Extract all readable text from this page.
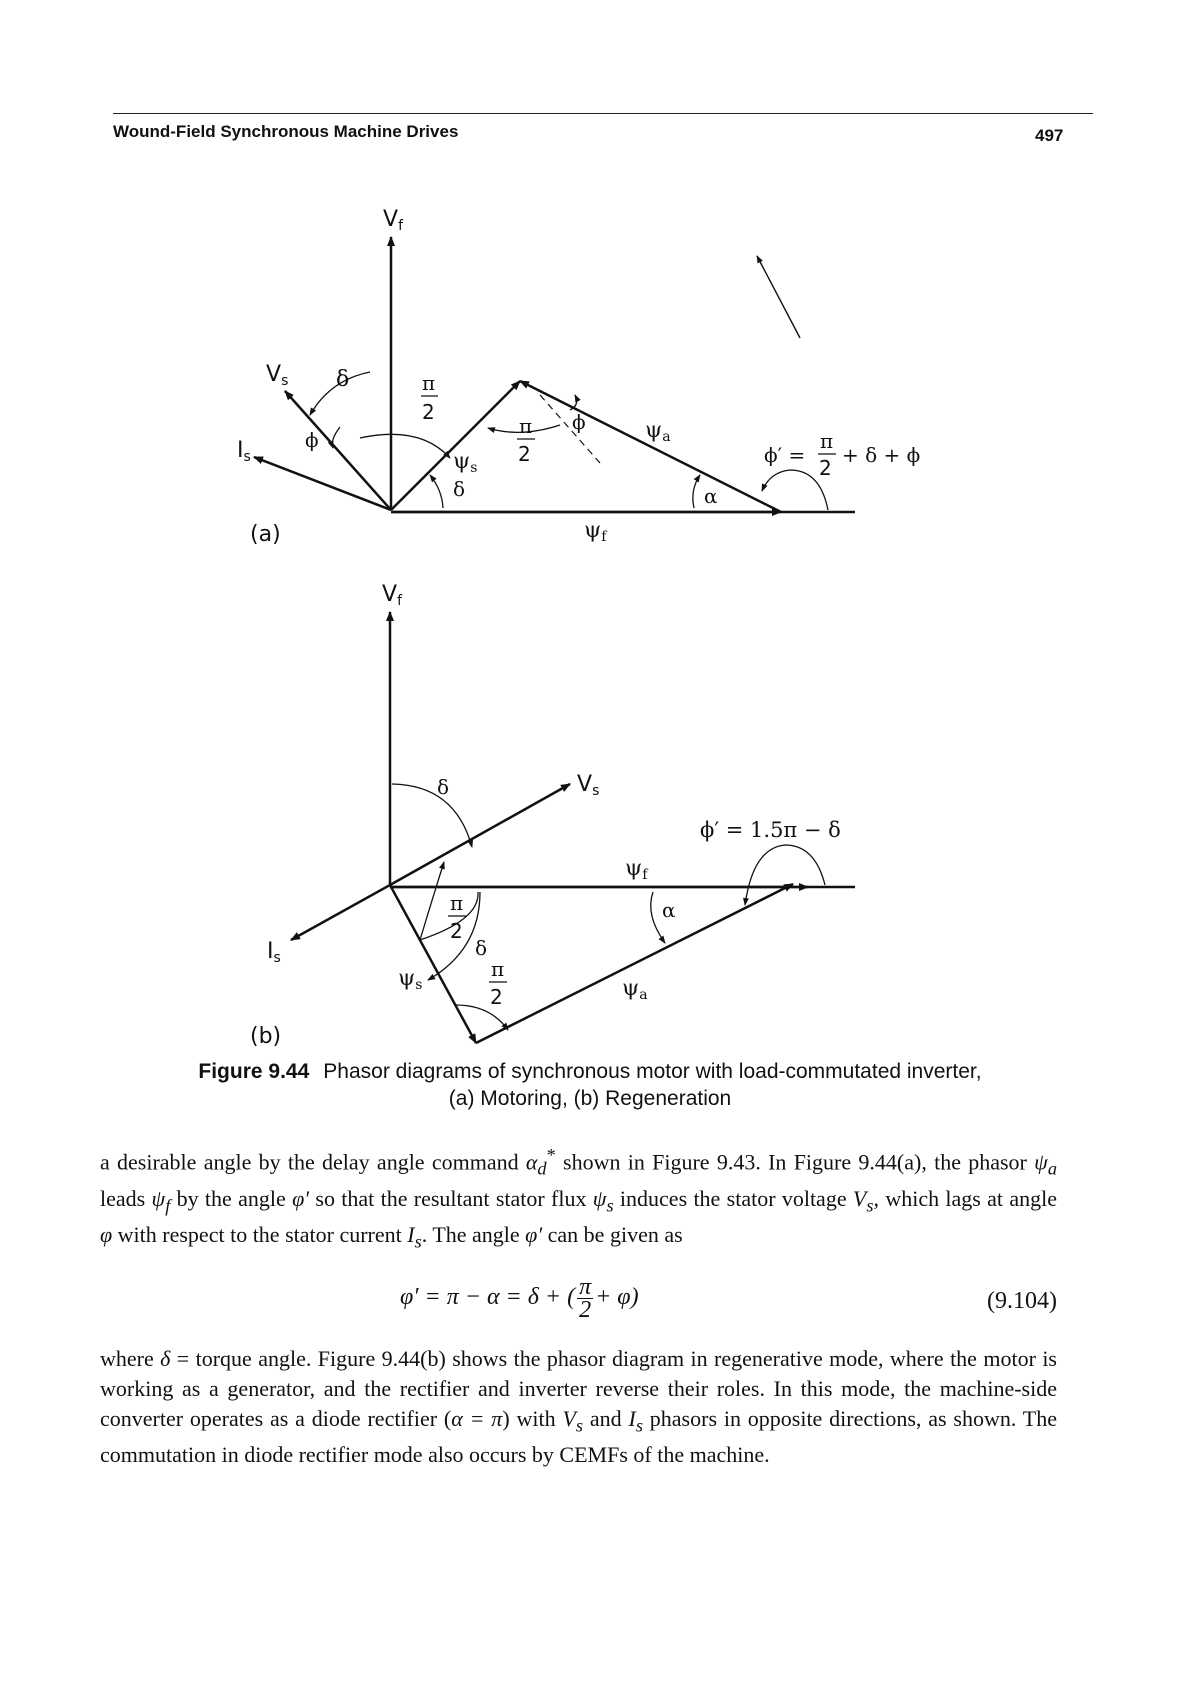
Wound-Field Synchronous Machine Drives	497
Vf
Vs
Is
δ
ϕ
π
2
ψs
δ
π
2
ϕ	ψa
α
ψf
ϕ′ =
π
2
+ δ + ϕ
(a)
Vf
δ	Vs
ϕ′ = 1.5π − δ
ψf
π
2
α
δ
Is
ψs
π
2	ψa
(b)
Figure 9.44 Phasor diagrams of synchronous motor with load-commutated inverter,
(a) Motoring, (b) Regeneration
a desirable angle by the delay angle command $\alpha_d^*$ shown in Figure 9.43. In Figure 9.44(a), the phasor $\psi_a$ leads $\psi_f$ by the angle φ′ so that the resultant stator flux $\psi_s$ induces the stator voltage $V_s$, which lags at angle φ with respect to the stator current $I_s$. The angle φ′ can be given as
φ′ = π − α = δ + ( $\frac{\pi}{2} + \varphi$)	(9.104)
where δ = torque angle. Figure 9.44(b) shows the phasor diagram in regenerative mode, where the motor is working as a generator, and the rectifier and inverter reverse their roles. In this mode, the machine-side converter operates as a diode rectifier (α = π) with $V_s$ and $I_s$ phasors in opposite directions, as shown. The commutation in diode rectifier mode also occurs by CEMFs of the machine.
